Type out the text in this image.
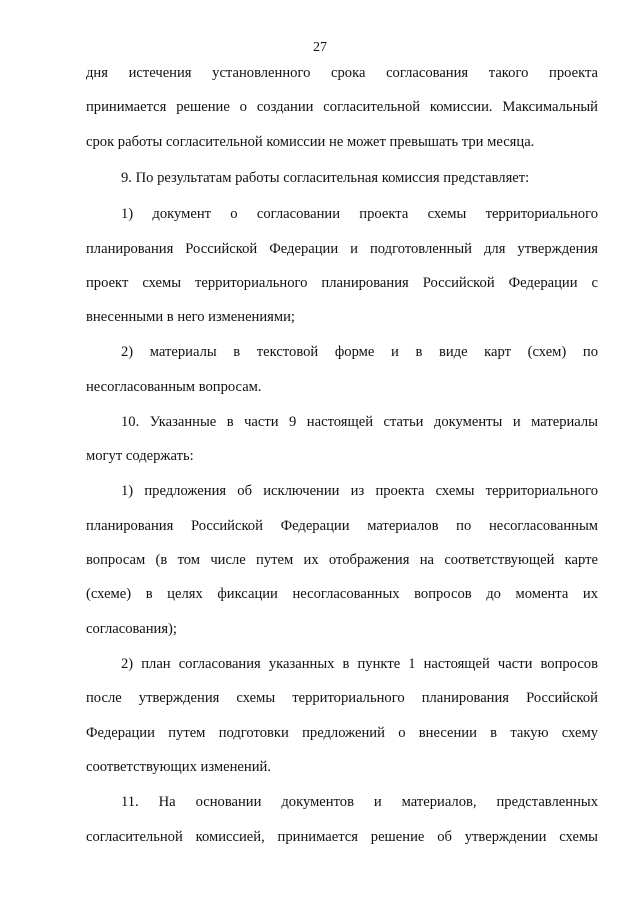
27
дня истечения установленного срока согласования такого проекта
принимается решение о создании согласительной комиссии. Максимальный
срок работы согласительной комиссии не может превышать три месяца.
9. По результатам работы согласительная комиссия представляет:
1) документ о согласовании проекта схемы территориального
планирования Российской Федерации и подготовленный для утверждения
проект схемы территориального планирования Российской Федерации с
внесенными в него изменениями;
2) материалы в текстовой форме и в виде карт (схем) по
несогласованным вопросам.
10. Указанные в части 9 настоящей статьи документы и материалы
могут содержать:
1) предложения об исключении из проекта схемы территориального
планирования Российской Федерации материалов по несогласованным
вопросам (в том числе путем их отображения на соответствующей карте
(схеме) в целях фиксации несогласованных вопросов до момента их
согласования);
2) план согласования указанных в пункте 1 настоящей части вопросов
после утверждения схемы территориального планирования Российской
Федерации путем подготовки предложений о внесении в такую схему
соответствующих изменений.
11. На основании документов и материалов, представленных
согласительной комиссией, принимается решение об утверждении схемы
